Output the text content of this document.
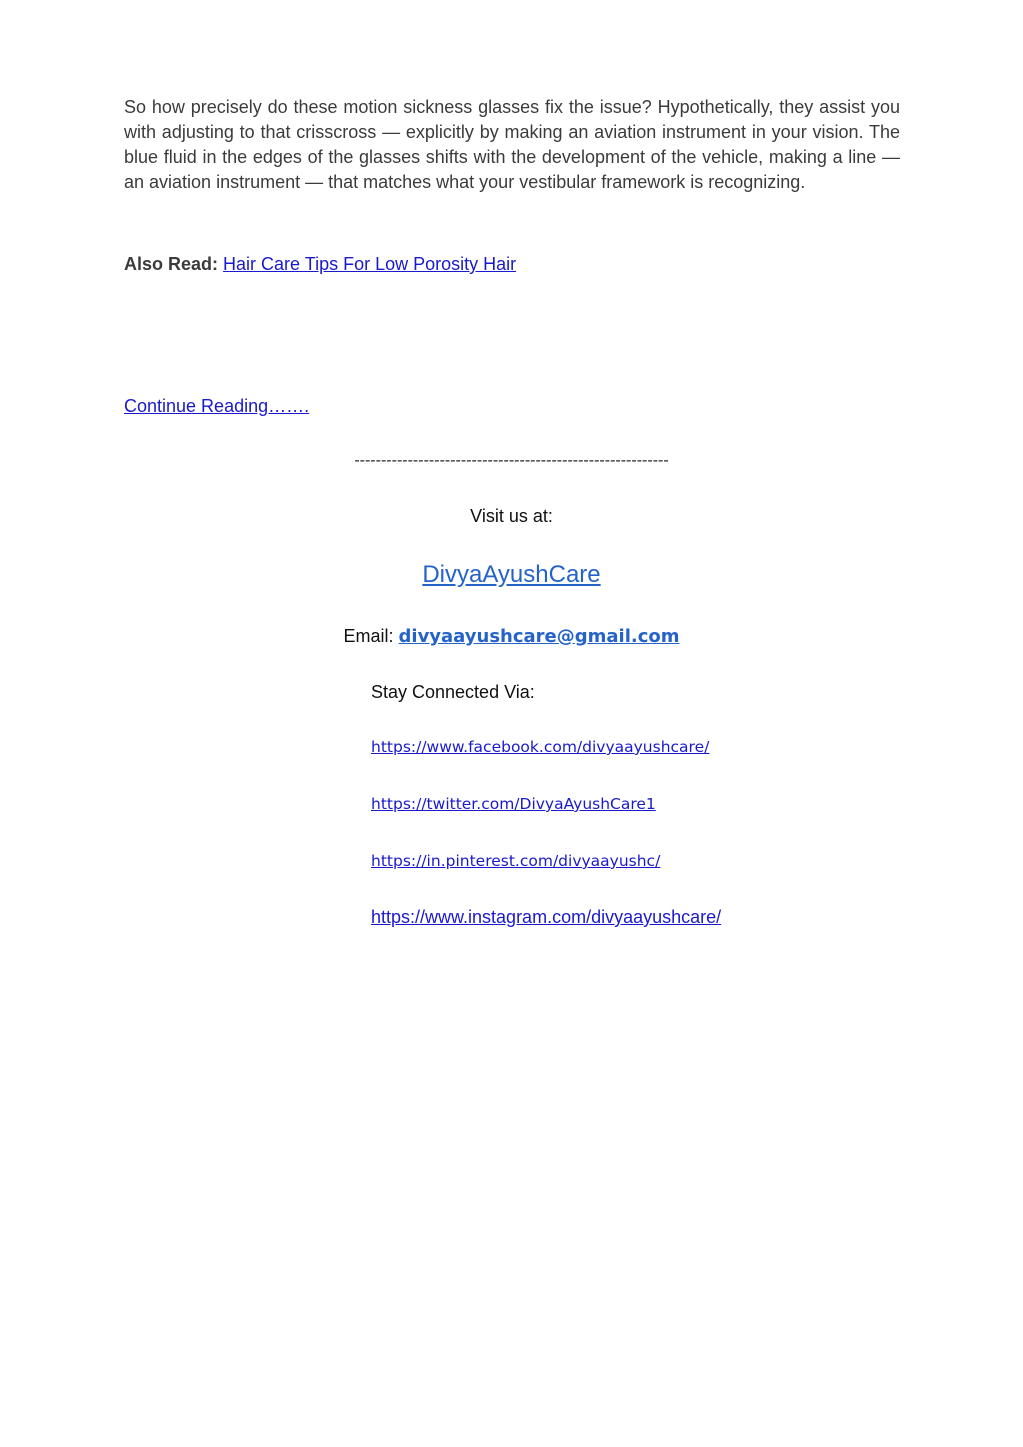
So how precisely do these motion sickness glasses fix the issue? Hypothetically, they assist you with adjusting to that crisscross — explicitly by making an aviation instrument in your vision. The blue fluid in the edges of the glasses shifts with the development of the vehicle, making a line — an aviation instrument — that matches what your vestibular framework is recognizing.
Also Read: Hair Care Tips For Low Porosity Hair
Continue Reading…….
-----------------------------------------------------------
Visit us at:
DivyaAyushCare
Email: divyaayushcare@gmail.com
Stay Connected Via:
https://www.facebook.com/divyaayushcare/
https://twitter.com/DivyaAyushCare1
https://in.pinterest.com/divyaayushc/
https://www.instagram.com/divyaayushcare/
